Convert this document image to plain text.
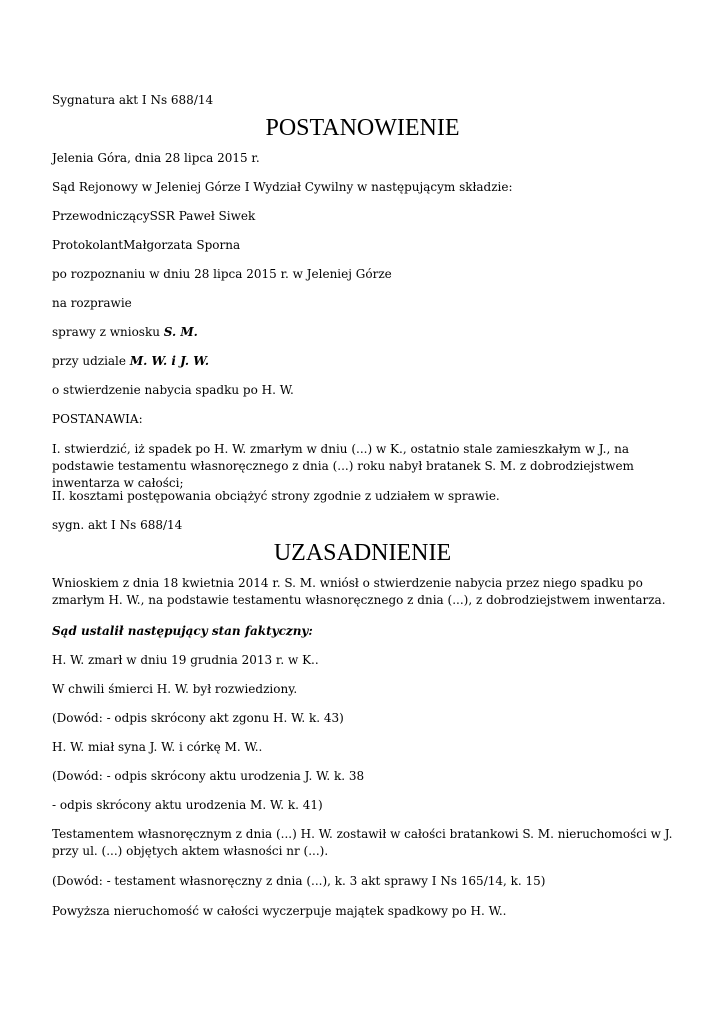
Sygnatura akt I Ns 688/14

POSTANOWIENIE

Jelenia Góra, dnia 28 lipca 2015 r.

Sąd Rejonowy w Jeleniej Górze I Wydział Cywilny w następującym składzie:

PrzewodniczącySSR Paweł Siwek

ProtokolantMałgorzata Sporna

po rozpoznaniu w dniu 28 lipca 2015 r. w Jeleniej Górze

na rozprawie

sprawy z wniosku S. M.

przy udziale M. W. i J. W.

o stwierdzenie nabycia spadku po H. W.

POSTANAWIA:

I. stwierdzić, iż spadek po H. W. zmarłym w dniu (...) w K., ostatnio stale zamieszkałym w J., na podstawie testamentu własnoręcznego z dnia (...) roku nabył bratanek S. M. z dobrodziejstwem inwentarza w całości;

II. kosztami postępowania obciążyć strony zgodnie z udziałem w sprawie.

sygn. akt I Ns 688/14

UZASADNIENIE

Wnioskiem z dnia 18 kwietnia 2014 r. S. M. wniósł o stwierdzenie nabycia przez niego spadku po zmarłym H. W., na podstawie testamentu własnoręcznego z dnia (...), z dobrodziejstwem inwentarza.

Sąd ustalił następujący stan faktyczny:

H. W. zmarł w dniu 19 grudnia 2013 r. w K..

W chwili śmierci H. W. był rozwiedziony.

(Dowód: - odpis skrócony akt zgonu H. W. k. 43)

H. W. miał syna J. W. i córkę M. W..

(Dowód: - odpis skrócony aktu urodzenia J. W. k. 38

- odpis skrócony aktu urodzenia M. W. k. 41)

Testamentem własnoręcznym z dnia (...) H. W. zostawił w całości bratankowi S. M. nieruchomości w J. przy ul. (...) objętych aktem własności nr (...).

(Dowód: - testament własnoręczny z dnia (...), k. 3 akt sprawy I Ns 165/14, k. 15)

Powyższa nieruchomość w całości wyczerpuje majątek spadkowy po H. W..
